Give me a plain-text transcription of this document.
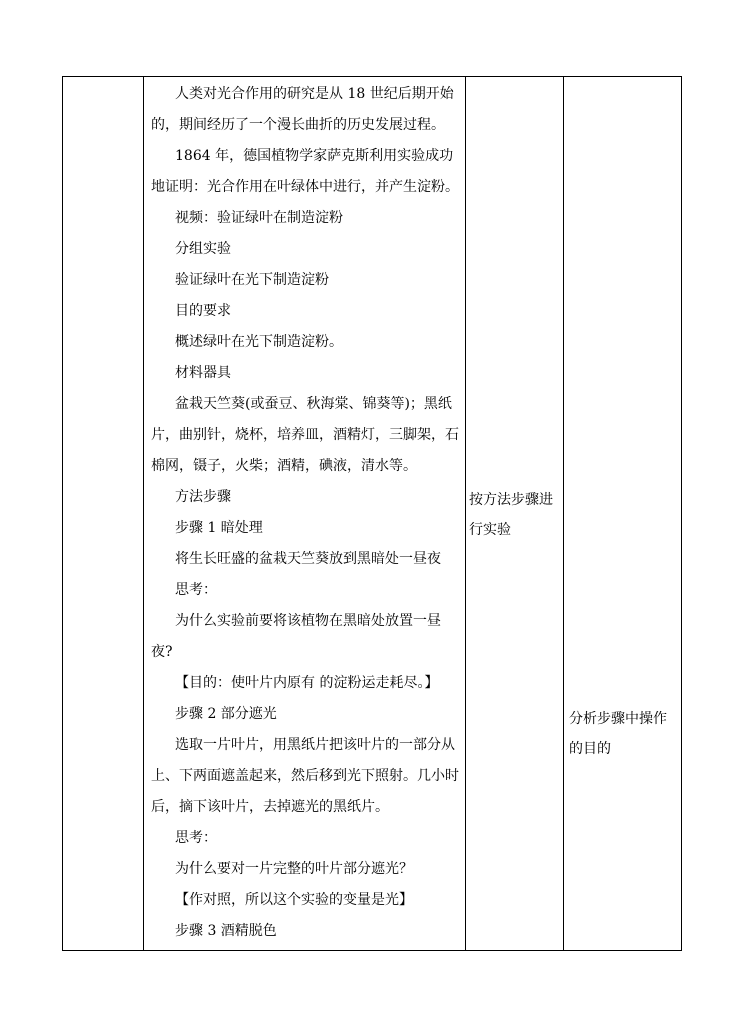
人类对光合作用的研究是从 18 世纪后期开始
的，期间经历了一个漫长曲折的历史发展过程。
1864 年，德国植物学家萨克斯利用实验成功
地证明：光合作用在叶绿体中进行，并产生淀粉。
视频：验证绿叶在制造淀粉
分组实验
验证绿叶在光下制造淀粉
目的要求
概述绿叶在光下制造淀粉。
材料器具
盆栽天竺葵(或蚕豆、秋海棠、锦葵等)；黑纸
片，曲别针，烧杯，培养皿，酒精灯，三脚架，石
棉网，镊子，火柴；酒精，碘液，清水等。
方法步骤
步骤 1 暗处理
将生长旺盛的盆栽天竺葵放到黑暗处一昼夜
思考：
为什么实验前要将该植物在黑暗处放置一昼
夜?
【目的：使叶片内原有 的淀粉运走耗尽。】
步骤 2 部分遮光
选取一片叶片，用黑纸片把该叶片的一部分从
上、下两面遮盖起来，然后移到光下照射。几小时
后，摘下该叶片，去掉遮光的黑纸片。
思考：
为什么要对一片完整的叶片部分遮光？
【作对照，所以这个实验的变量是光】
步骤 3 酒精脱色
按方法步骤进
行实验
分析步骤中操作
的目的
